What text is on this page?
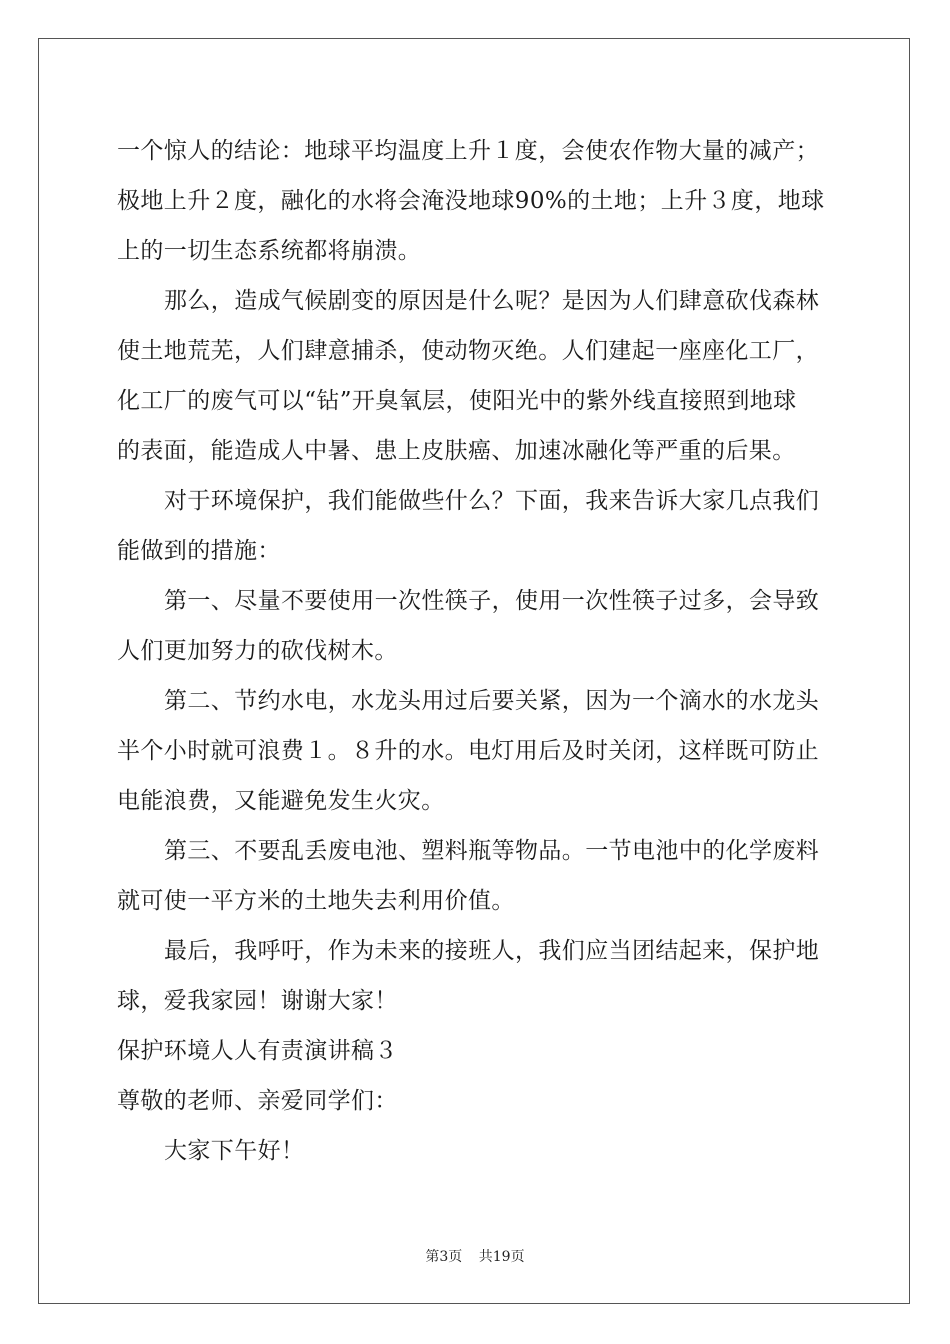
一个惊人的结论：地球平均温度上升１度，会使农作物大量的减产；
极地上升２度，融化的水将会淹没地球90%的土地；上升３度，地球
上的一切生态系统都将崩溃。
那么，造成气候剧变的原因是什么呢？是因为人们肆意砍伐森林
使土地荒芜，人们肆意捕杀，使动物灭绝。人们建起一座座化工厂，
化工厂的废气可以“钻”开臭氧层，使阳光中的紫外线直接照到地球
的表面，能造成人中暑、患上皮肤癌、加速冰融化等严重的后果。
对于环境保护，我们能做些什么？下面，我来告诉大家几点我们
能做到的措施：
第一、尽量不要使用一次性筷子，使用一次性筷子过多，会导致
人们更加努力的砍伐树木。
第二、节约水电，水龙头用过后要关紧，因为一个滴水的水龙头
半个小时就可浪费１。８升的水。电灯用后及时关闭，这样既可防止
电能浪费，又能避免发生火灾。
第三、不要乱丢废电池、塑料瓶等物品。一节电池中的化学废料
就可使一平方米的土地失去利用价值。
最后，我呼吁，作为未来的接班人，我们应当团结起来，保护地
球，爱我家园！谢谢大家！
保护环境人人有责演讲稿３
尊敬的老师、亲爱同学们：
大家下午好！
第3页 共19页
